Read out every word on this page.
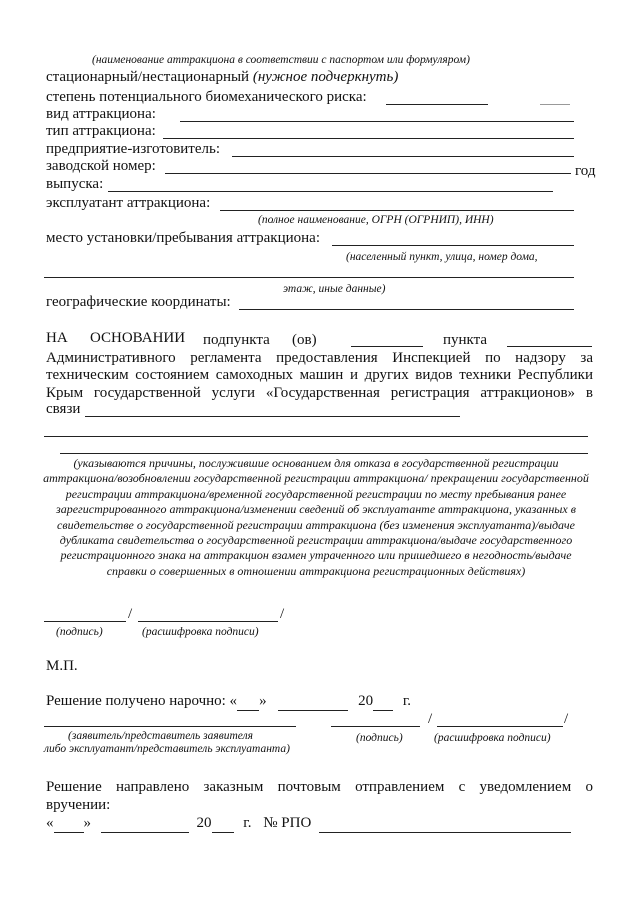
(наименование аттракциона в соответствии с паспортом или формуляром)
стационарный/нестационарный (нужное подчеркнуть)
степень потенциального биомеханического риска:
вид аттракциона:
тип аттракциона:
предприятие-изготовитель:
заводской номер:	год
выпуска:
эксплуатант аттракциона:
(полное наименование, ОГРН (ОГРНИП), ИНН)
место установки/пребывания аттракциона:
(населенный пункт, улица, номер дома,
этаж, иные данные)
географические координаты:
НА ОСНОВАНИИ подпункта (ов)	пункта
Административного регламента предоставления Инспекцией по надзору за
техническим состоянием самоходных машин и других видов техники Республики
Крым государственной услуги «Государственная регистрация аттракционов» в
связи
(указываются причины, послужившие основанием для отказа в государственной регистрации аттракциона/возобновлении государственной регистрации аттракциона/ прекращении государственной регистрации аттракциона/временной государственной регистрации по месту пребывания ранее зарегистрированного аттракциона/изменении сведений об эксплуатанте аттракциона, указанных в свидетельстве о государственной регистрации аттракциона (без изменения эксплуатанта)/выдаче дубликата свидетельства о государственной регистрации аттракциона/выдаче государственного регистрационного знака на аттракцион взамен утраченного или пришедшего в негодность/выдаче справки о совершенных в отношении аттракциона регистрационных действиях)
/	/
(подпись)	(расшифровка подписи)
М.П.
Решение получено нарочно: « »	20 г.
/	/
(заявитель/представитель заявителя
либо эксплуатант/представитель эксплуатанта)
(подпись)	(расшифровка подписи)
Решение направлено заказным почтовым отправлением с уведомлением о
вручении:
« »	20 г. № РПО
